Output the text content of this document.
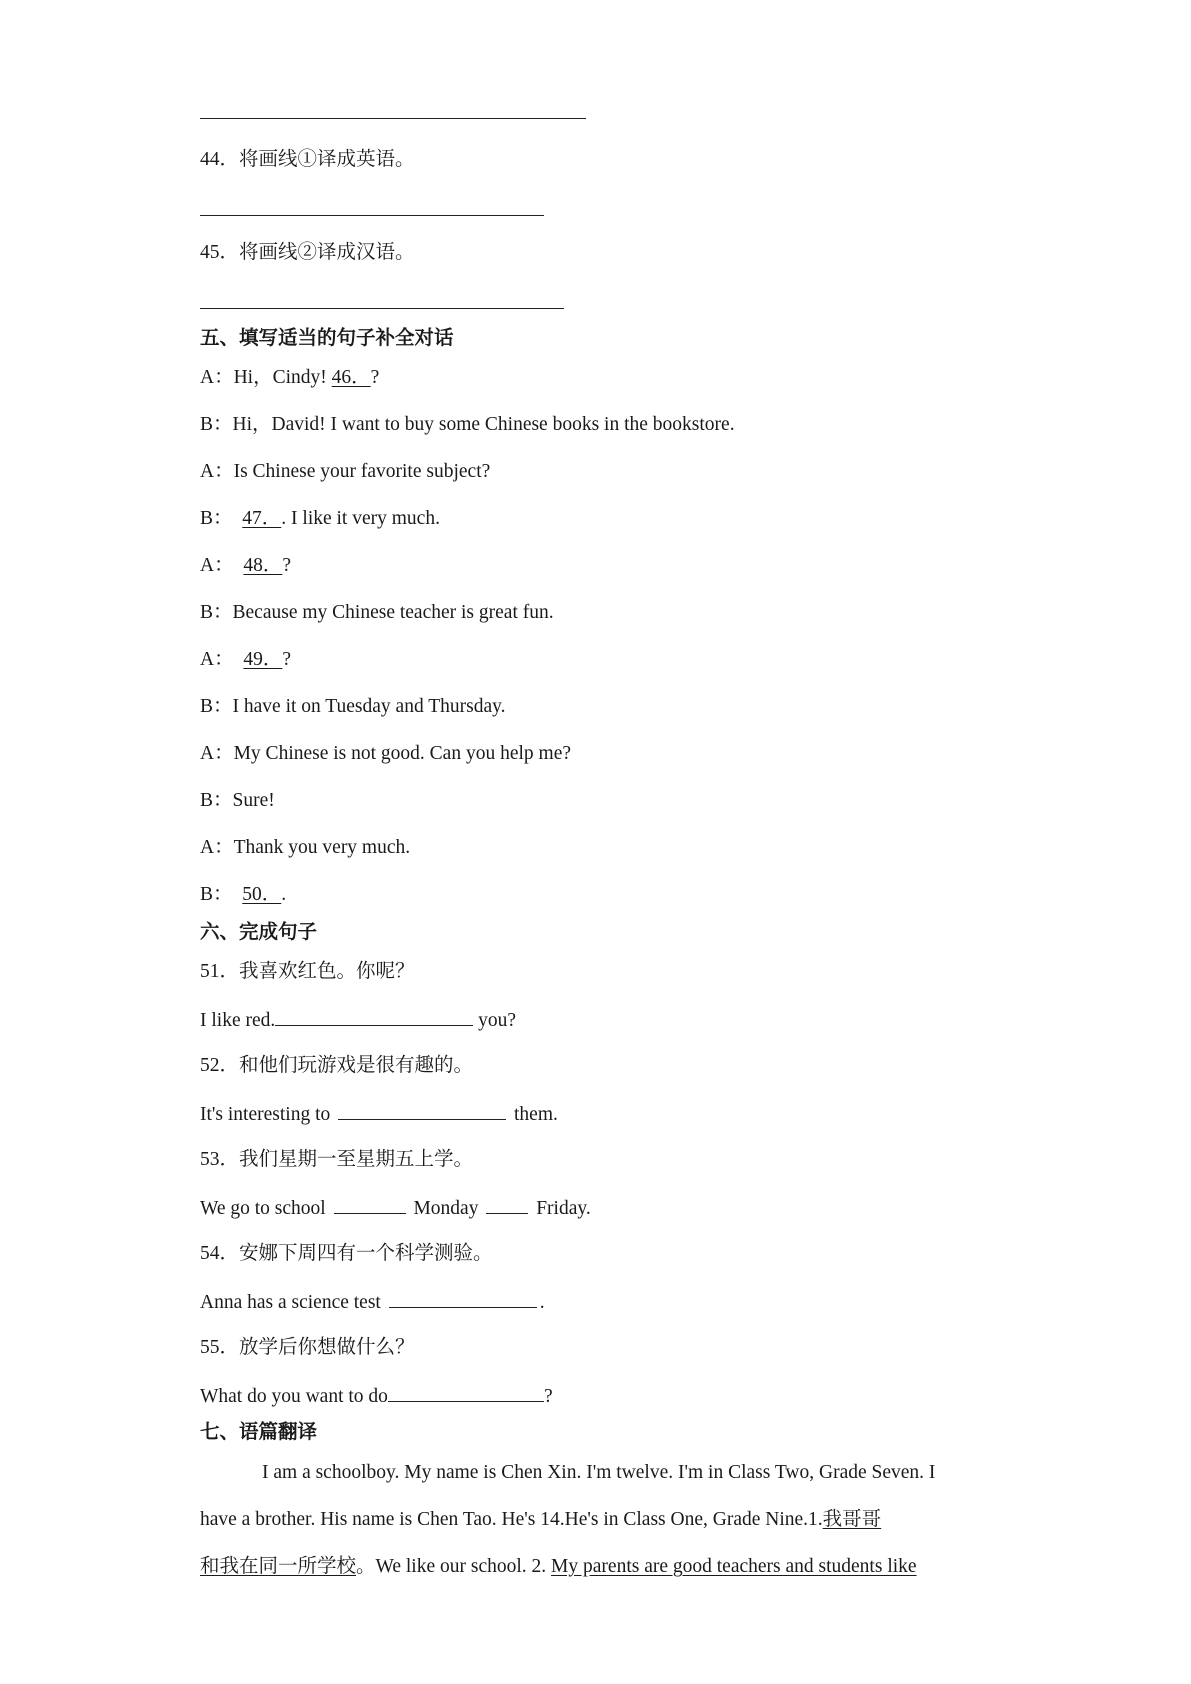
44．将画线①译成英语。
45．将画线②译成汉语。
五、填写适当的句子补全对话
A：Hi，Cindy! 46．?
B：Hi，David! I want to buy some Chinese books in the bookstore.
A：Is Chinese your favorite subject?
B： 47．. I like it very much.
A： 48．?
B：Because my Chinese teacher is great fun.
A： 49．?
B：I have it on Tuesday and Thursday.
A：My Chinese is not good. Can you help me?
B：Sure!
A：Thank you very much.
B： 50．.
六、完成句子
51．我喜欢红色。你呢？
I like red.	you?
52．和他们玩游戏是很有趣的。
It's interesting to	them.
53．我们星期一至星期五上学。
We go to school	Monday  Friday.
54．安娜下周四有一个科学测验。
Anna has a science test	.
55．放学后你想做什么？
What do you want to do	?
七、语篇翻译
I am a schoolboy. My name is Chen Xin. I'm twelve. I'm in Class Two, Grade Seven. I
have a brother. His name is Chen Tao. He's 14.He's in Class One, Grade Nine.1.我哥哥
和我在同一所学校。We like our school. 2. My parents are good teachers and students like
